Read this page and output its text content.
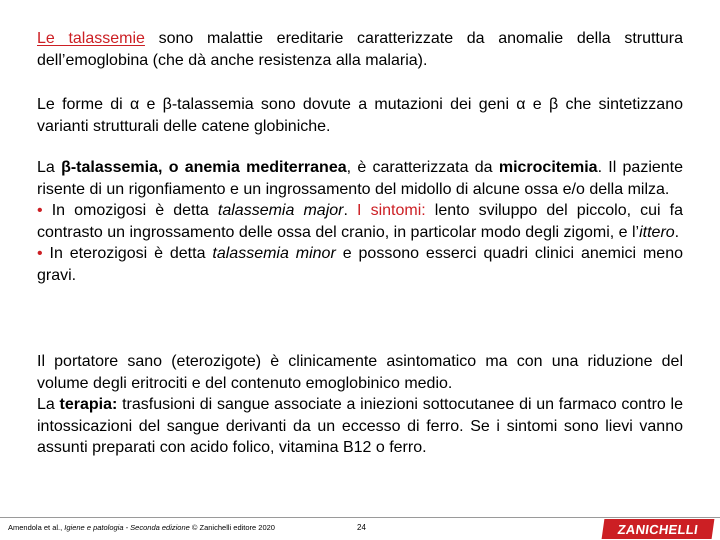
Le talassemie sono malattie ereditarie caratterizzate da anomalie della struttura dell’emoglobina (che dà anche resistenza alla malaria).

Le forme di α e β-talassemia sono dovute a mutazioni dei geni α e β che sintetizzano varianti strutturali delle catene globiniche.

La β-talassemia, o anemia mediterranea, è caratterizzata da microcitemia. Il paziente risente di un rigonfiamento e un ingrossamento del midollo di alcune ossa e/o della milza.
• In omozigosi è detta talassemia major. I sintomi: lento sviluppo del piccolo, cui fa contrasto un ingrossamento delle ossa del cranio, in particolar modo degli zigomi, e l’ittero.
• In eterozigosi è detta talassemia minor e possono esserci quadri clinici anemici meno gravi.

Il portatore sano (eterozigote) è clinicamente asintomatico ma con una riduzione del volume degli eritrociti e del contenuto emoglobinico medio.
La terapia: trasfusioni di sangue associate a iniezioni sottocutanee di un farmaco contro le intossicazioni del sangue derivanti da un eccesso di ferro. Se i sintomi sono lievi vanno assunti preparati con acido folico, vitamina B12 o ferro.

Amendola et al., Igiene e patologia - Seconda edizione © Zanichelli editore 2020	24	ZANICHELLI
